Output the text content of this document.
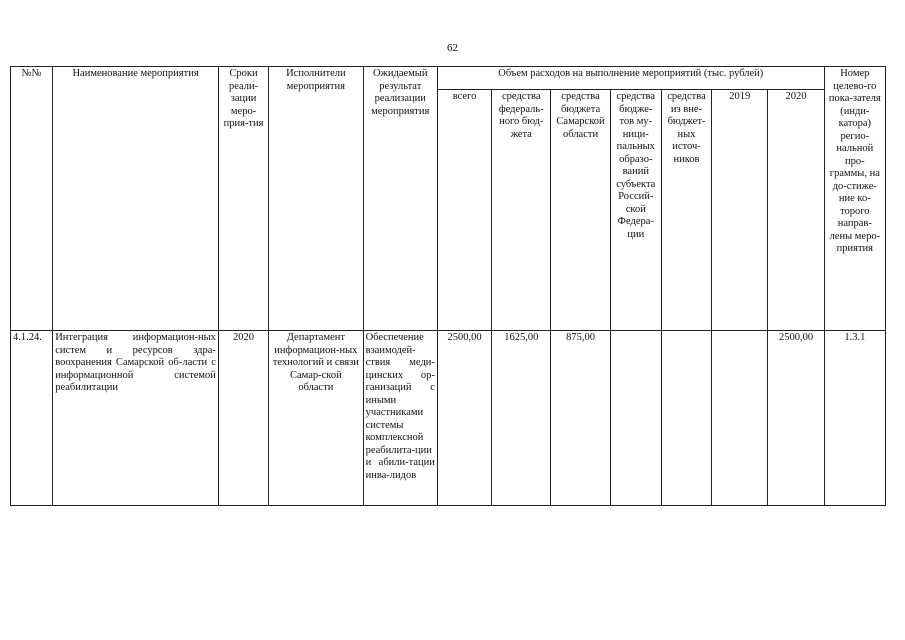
62
№№	Наименование мероприятия	Сроки реали-зации меро-прия-тия	Исполнители мероприятия	Ожидаемый результат реализации мероприятия	Объем расходов на выполнение мероприятий (тыс. рублей)							Номер целево-го пока-зателя (инди-катора) регио-нальной про-граммы, на до-стиже-ние ко-торого направ-лены меро-приятия
					всего	средства федераль-ного бюд-жета	средства бюджета Самарской области	средства бюдже-тов му-ници-пальных образо-ваний субъекта Россий-ской Федера-ции	средства из вне-бюджет-ных источ-ников	2019	2020	
4.1.24.	Интеграция информацион-ных систем и ресурсов здра-воохранения Самарской об-ласти с информационной системой реабилитации	2020	Департамент информацион-ных технологий и связи Самар-ской области	Обеспечение взаимодей-ствия меди-цинских ор-ганизаций с иными участниками системы комплексной реабилита-ции и абили-тации инва-лидов	2500,00	1625,00	875,00				2500,00	1.3.1
